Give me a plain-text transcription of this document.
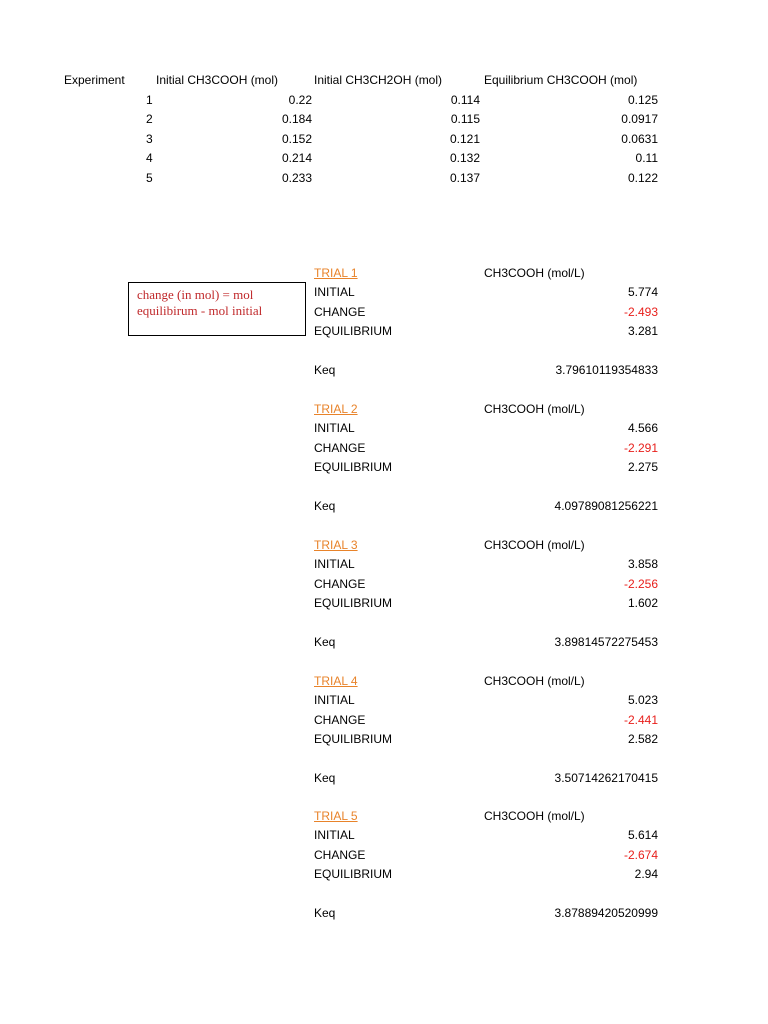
Experiment	Initial CH3COOH (mol)	Initial CH3CH2OH (mol)	Equilibrium CH3COOH (mol)
1	0.22	0.114	0.125
2	0.184	0.115	0.0917
3	0.152	0.121	0.0631
4	0.214	0.132	0.11
5	0.233	0.137	0.122
change (in mol) = mol equilibirum - mol initial
TRIAL 1	CH3COOH (mol/L)
INITIAL	5.774
CHANGE	-2.493
EQUILIBRIUM	3.281
Keq	3.79610119354833
TRIAL 2	CH3COOH (mol/L)
INITIAL	4.566
CHANGE	-2.291
EQUILIBRIUM	2.275
Keq	4.09789081256221
TRIAL 3	CH3COOH (mol/L)
INITIAL	3.858
CHANGE	-2.256
EQUILIBRIUM	1.602
Keq	3.89814572275453
TRIAL 4	CH3COOH (mol/L)
INITIAL	5.023
CHANGE	-2.441
EQUILIBRIUM	2.582
Keq	3.50714262170415
TRIAL 5	CH3COOH (mol/L)
INITIAL	5.614
CHANGE	-2.674
EQUILIBRIUM	2.94
Keq	3.87889420520999
